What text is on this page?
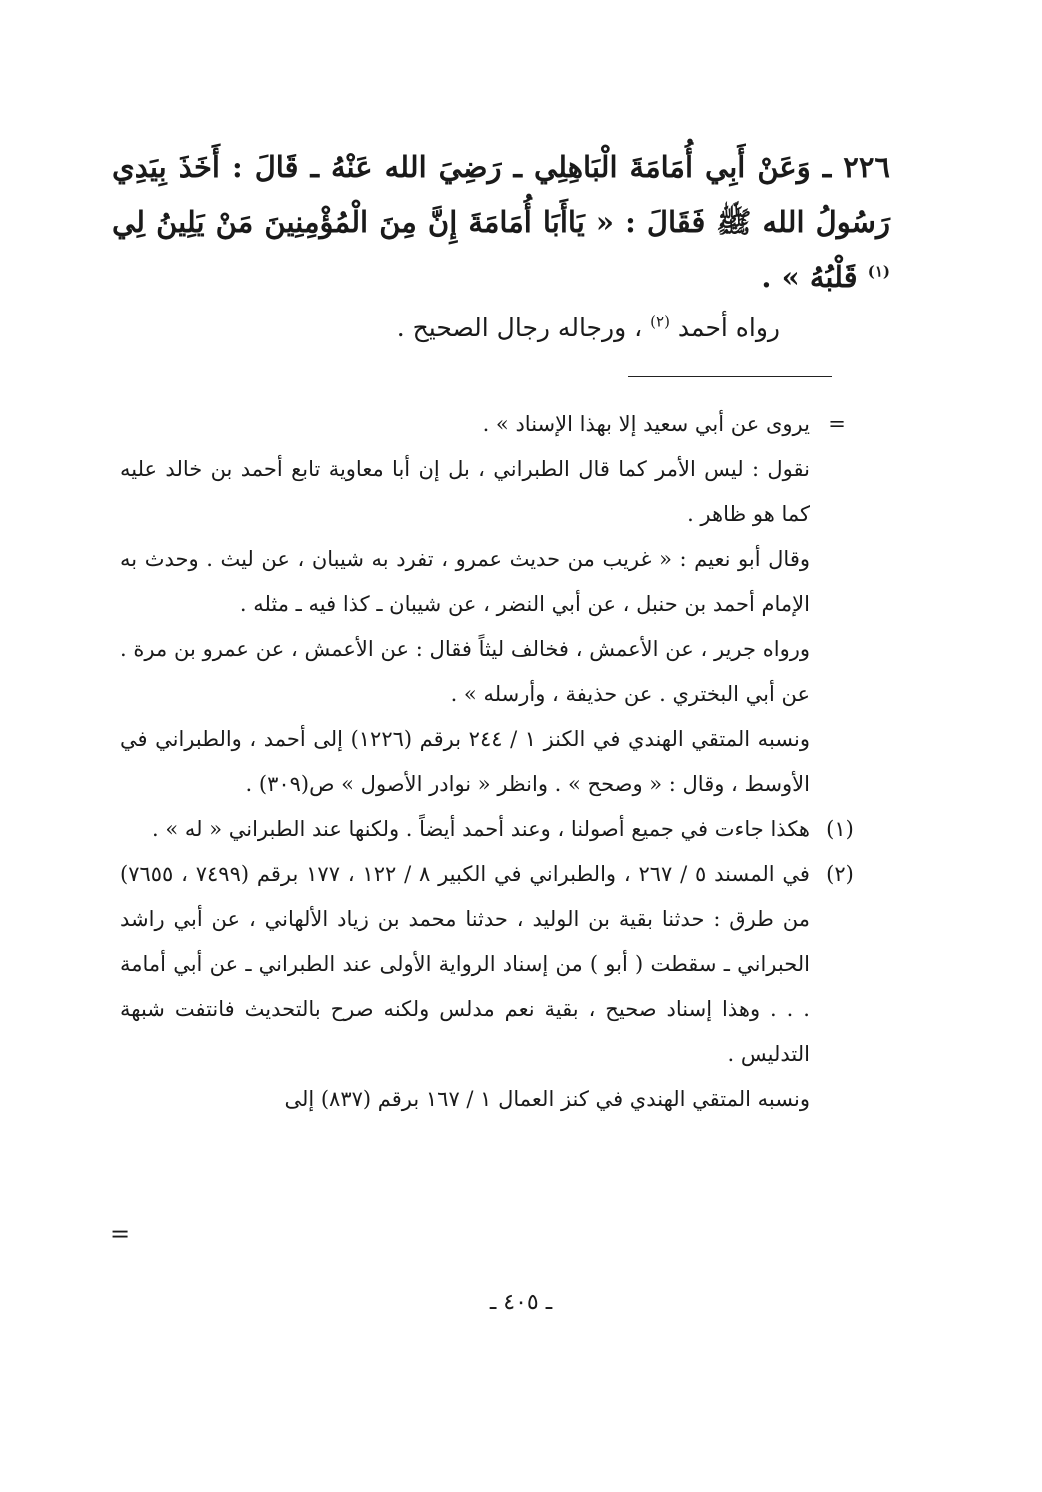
٢٢٦ ـ وَعَنْ أَبِي أُمَامَةَ الْبَاهِلِي ـ رَضِيَ الله عَنْهُ ـ قَالَ : أَخَذَ بِيَدِي رَسُولُ الله ﷺ فَقَالَ : « يَاأَبَا أُمَامَةَ إِنَّ مِنَ الْمُؤْمِنِينَ مَنْ يَلِينُ لِي $^{(١)}$ قَلْبُهُ » .

رواه أحمد $^{(٢)}$ ، ورجاله رجال الصحيح .
=

يروى عن أبي سعيد إلا بهذا الإسناد » .

نقول : ليس الأمر كما قال الطبراني ، بل إن أبا معاوية تابع أحمد بن خالد عليه كما هو ظاهر .

وقال أبو نعيم : « غريب من حديث عمرو ، تفرد به شيبان ، عن ليث . وحدث به الإمام أحمد بن حنبل ، عن أبي النضر ، عن شيبان ـ كذا فيه ـ مثله .

ورواه جرير ، عن الأعمش ، فخالف ليثاً فقال : عن الأعمش ، عن عمرو بن مرة . عن أبي البختري . عن حذيفة ، وأرسله » .

ونسبه المتقي الهندي في الكنز ١ / ٢٤٤ برقم (١٢٢٦) إلى أحمد ، والطبراني في الأوسط ، وقال : « وصحح » . وانظر « نوادر الأصول » ص(٣٠٩) .

(١)

هكذا جاءت في جميع أصولنا ، وعند أحمد أيضاً . ولكنها عند الطبراني « له » .

(٢)

في المسند ٥ / ٢٦٧ ، والطبراني في الكبير ٨ / ١٢٢ ، ١٧٧ برقم (٧٤٩٩ ، ٧٦٥٥) من طرق : حدثنا بقية بن الوليد ، حدثنا محمد بن زياد الألهاني ، عن أبي راشد الحبراني ـ سقطت ( أبو ) من إسناد الرواية الأولى عند الطبراني ـ عن أبي أمامة . . . وهذا إسناد صحيح ، بقية نعم مدلس ولكنه صرح بالتحديث فانتفت شبهة التدليس .

ونسبه المتقي الهندي في كنز العمال ١ / ١٦٧ برقم (٨٣٧) إلى

=
ـ ٤٠٥ ـ
